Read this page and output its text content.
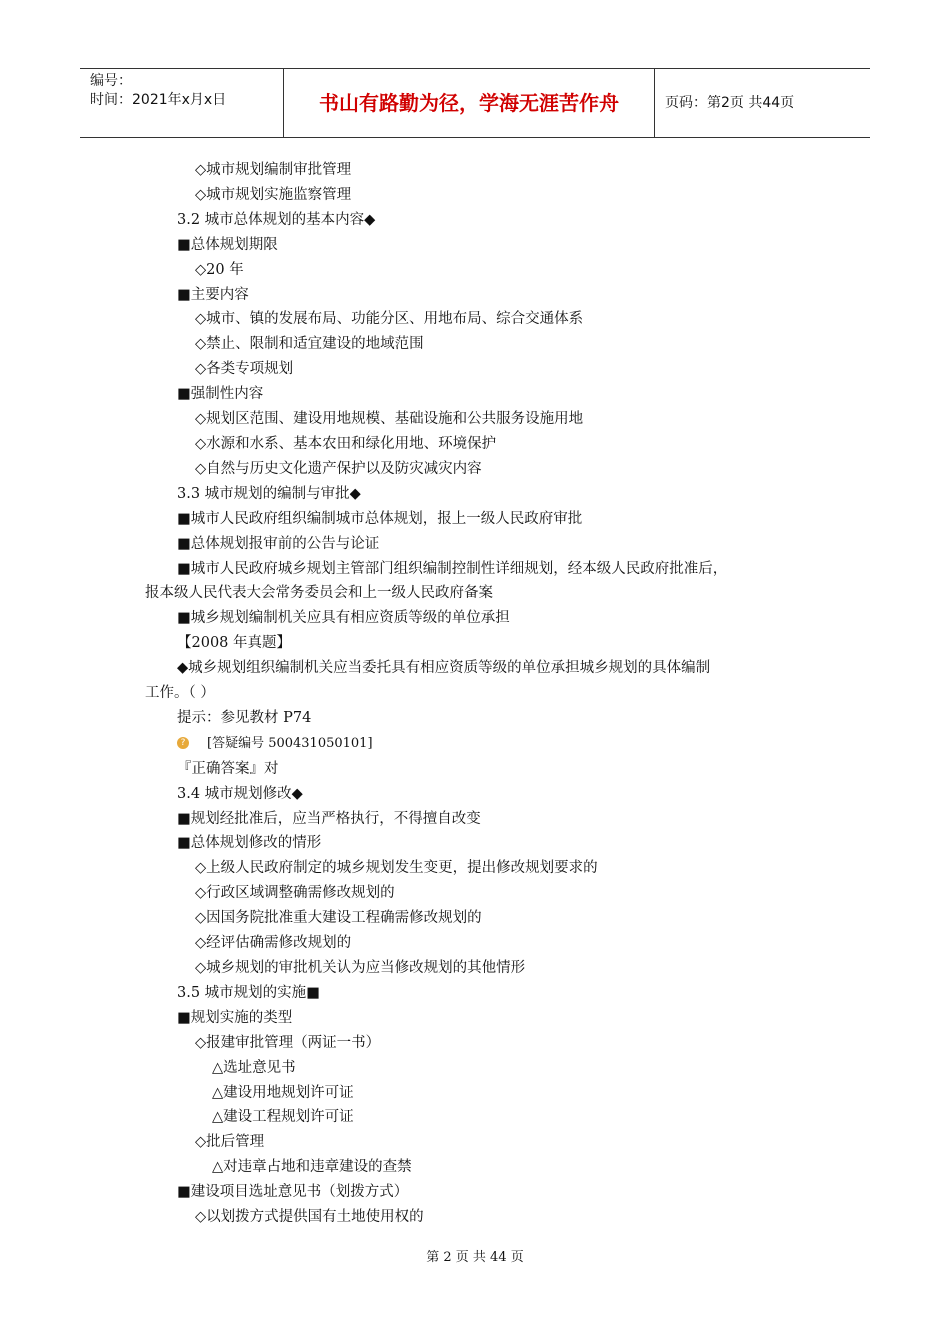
编号：
时间：2021年x月x日	书山有路勤为径，学海无涯苦作舟	页码：第2页 共44页
◇城市规划编制审批管理
◇城市规划实施监察管理
3.2 城市总体规划的基本内容◆
■总体规划期限
◇20 年
■主要内容
◇城市、镇的发展布局、功能分区、用地布局、综合交通体系
◇禁止、限制和适宜建设的地域范围
◇各类专项规划
■强制性内容
◇规划区范围、建设用地规模、基础设施和公共服务设施用地
◇水源和水系、基本农田和绿化用地、环境保护
◇自然与历史文化遗产保护以及防灾减灾内容
3.3 城市规划的编制与审批◆
■城市人民政府组织编制城市总体规划，报上一级人民政府审批
■总体规划报审前的公告与论证
■城市人民政府城乡规划主管部门组织编制控制性详细规划，经本级人民政府批准后，
报本级人民代表大会常务委员会和上一级人民政府备案
■城乡规划编制机关应具有相应资质等级的单位承担
【2008 年真题】
◆城乡规划组织编制机关应当委托具有相应资质等级的单位承担城乡规划的具体编制
工作。（ ）
提示：参见教材 P74
? [答疑编号 500431050101]
『正确答案』对
3.4 城市规划修改◆
■规划经批准后，应当严格执行，不得擅自改变
■总体规划修改的情形
◇上级人民政府制定的城乡规划发生变更，提出修改规划要求的
◇行政区域调整确需修改规划的
◇因国务院批准重大建设工程确需修改规划的
◇经评估确需修改规划的
◇城乡规划的审批机关认为应当修改规划的其他情形
3.5 城市规划的实施■
■规划实施的类型
◇报建审批管理（两证一书）
△选址意见书
△建设用地规划许可证
△建设工程规划许可证
◇批后管理
△对违章占地和违章建设的查禁
■建设项目选址意见书（划拨方式）
◇以划拨方式提供国有土地使用权的
第 2 页 共 44 页
